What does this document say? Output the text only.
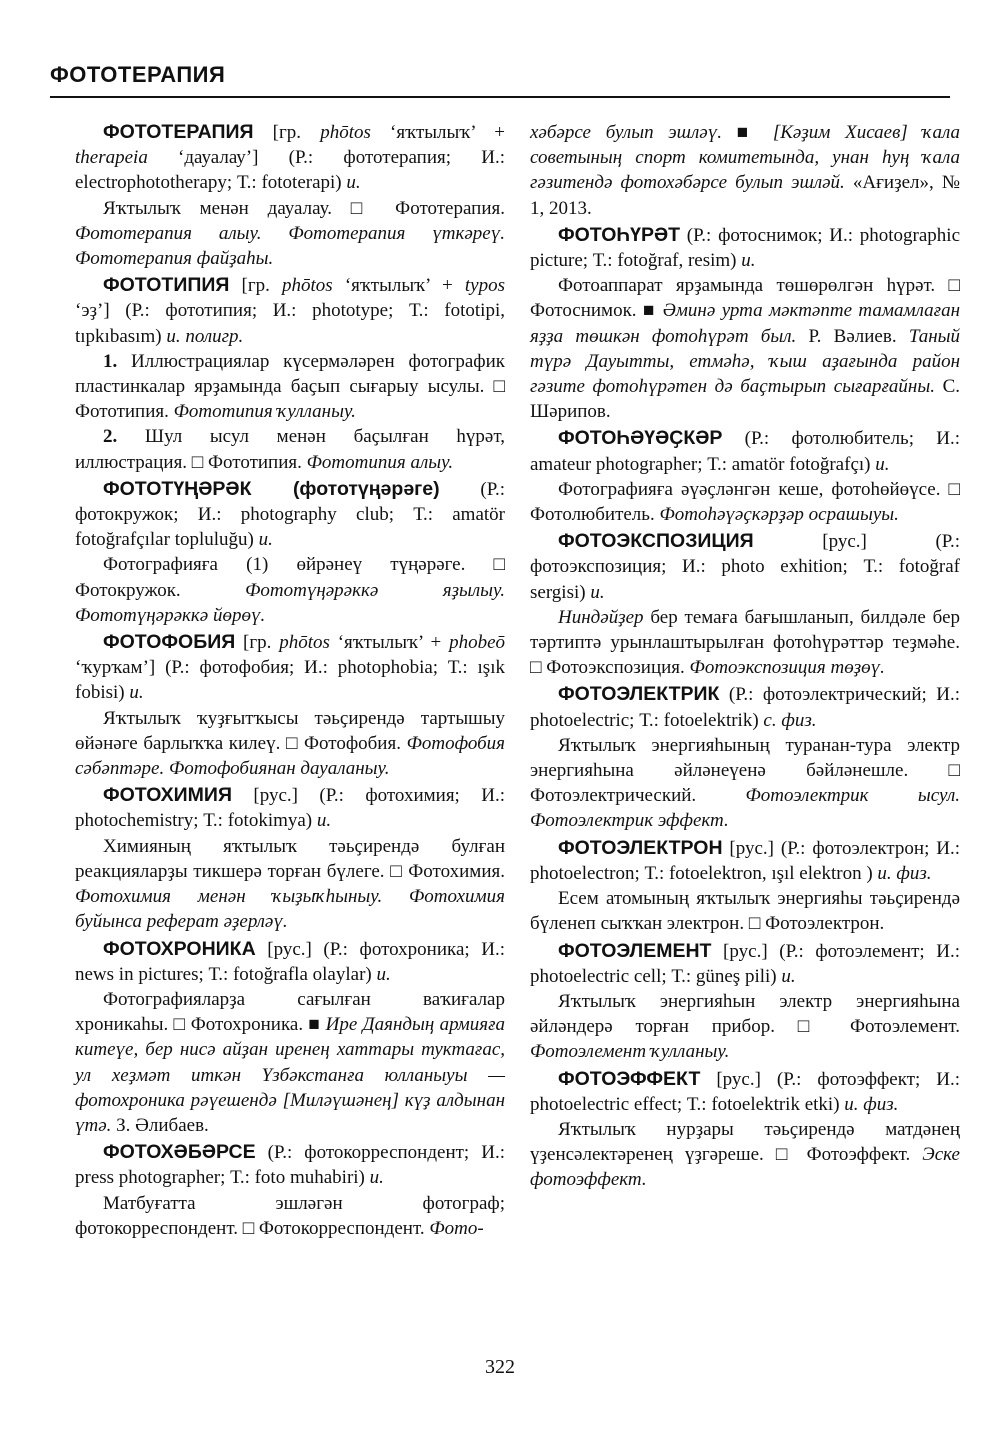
ФОТОТЕРАПИЯ

ФОТОТЕРАПИЯ [гр. phōtos ‘яҡтылыҡ’ + therapeia ‘дауалау’] (Р.: фототерапия; И.: electrophototherapy; Т.: fototerapi) и.

Яҡтылыҡ менән дауалау. □ Фототерапия. Фототерапия алыу. Фототерапия үткәреү. Фототерапия файҙаһы.

ФОТОТИПИЯ [гр. phōtos ‘яҡтылыҡ’ + typos ‘эҙ’] (Р.: фототипия; И.: phototype; Т.: fototipi, tıpkıbasım) и. полигр.

1. Иллюстрациялар күсермәләрен фотографик пластинкалар ярҙамында баҫып сығарыу ысулы. □ Фототипия. Фототипия ҡулланыу.

2. Шул ысул менән баҫылған һүрәт, иллюстрация. □ Фототипия. Фототипия алыу.

ФОТОТҮҢӘРӘК (фототүңәрәге) (Р.: фотокружок; И.: photography club; Т.: amatör fotoğrafçılar topluluğu) и.

Фотографияға (1) өйрәнеү түңәрәге. □ Фотокружок. Фототүңәрәккә яҙылыу. Фототүңәрәккә йөрөү.

ФОТОФОБИЯ [гр. phōtos ‘яҡтылыҡ’ + phobeō ‘ҡурҡам’] (Р.: фотофобия; И.: photophobia; Т.: ışık fobisi) и.

Яҡтылыҡ ҡуҙғытҡысы тәьҫирендә тартышыу өйәнәге барлыҡҡа килеү. □ Фотофобия. Фотофобия сәбәптәре. Фотофобиянан дауаланыу.

ФОТОХИМИЯ [рус.] (Р.: фотохимия; И.: photochemistry; Т.: fotokimya) и.

Химияның яҡтылыҡ тәьҫирендә булған реакцияларҙы тикшерә торған бүлеге. □ Фотохимия. Фотохимия менән ҡыҙыҡһыныу. Фотохимия буйынса реферат әҙерләү.

ФОТОХРОНИКА [рус.] (Р.: фотохроника; И.: news in pictures; Т.: fotoğrafla olaylar) и.

Фотографияларҙа сағылған ваҡиғалар хроникаһы. □ Фотохроника. ■ Ире Даяндың армияға китеүе, бер нисә айҙан иренең хаттары туктағас, ул хеҙмәт иткән Үзбәкстанға юлланыуы — фотохроника рәүешендә [Миләүшәнең] күҙ алдынан үтә. З. Әлибаев.

ФОТОХӘБӘРСЕ (Р.: фотокорреспондент; И.: press photographer; Т.: foto muhabiri) и.

Матбуғатта эшләгән фотограф; фотокорреспондент. □ Фотокорреспондент. Фото-

хәбәрсе булып эшләү. ■ [Кәҙим Хисаев] ҡала советының спорт комитетында, унан һуң ҡала гәзитендә фотохәбәрсе булып эшләй. «Ағиҙел», № 1, 2013.

ФОТОҺҮРӘТ (Р.: фотоснимок; И.: photographic picture; Т.: fotoğraf, resim) и.

Фотоаппарат ярҙамында төшөрөлгән һүрәт. □ Фотоснимок. ■ Әминә урта мәктәпте тамамлаған яҙҙа төшкән фотоһүрәт был. Р. Вәлиев. Таный түрә Дауытты, етмәһә, ҡыш аҙағында район гәзите фотоһүрәтен дә баҫтырып сығарғайны. С. Шәрипов.

ФОТОҺӘҮӘҪКӘР (Р.: фотолюбитель; И.: amateur photographer; Т.: amatör fotoğrafçı) и.

Фотографияға әүәҫләнгән кеше, фотоһөйөүсе. □ Фотолюбитель. Фотоһәүәҫкәрҙәр осрашыуы.

ФОТОЭКСПОЗИЦИЯ [рус.] (Р.: фотоэкспозиция; И.: photo exhition; Т.: fotoğraf sergisi) и.

Ниндәйҙер бер темаға бағышланып, билдәле бер тәртиптә урынлаштырылған фотоһүрәттәр теҙмәһе. □ Фотоэкспозиция. Фотоэкспозиция төҙөү.

ФОТОЭЛЕКТРИК (Р.: фотоэлектрический; И.: photoelectric; Т.: fotoelektrik) с. физ.

Яҡтылыҡ энергияһының туранан-тура электр энергияһына әйләнеүенә бәйләнешле. □ Фотоэлектрический. Фотоэлектрик ысул. Фотоэлектрик эффект.

ФОТОЭЛЕКТРОН [рус.] (Р.: фотоэлектрон; И.: photoelectron; Т.: fotoelektron, ışıl elektron ) и. физ.

Есем атомының яҡтылыҡ энергияһы тәьҫирендә бүленеп сыҡҡан электрон. □ Фотоэлектрон.

ФОТОЭЛЕМЕНТ [рус.] (Р.: фотоэлемент; И.: photoelectric cell; Т.: güneş pili) и.

Яҡтылыҡ энергияһын электр энергияһына әйләндерә торған прибор. □ Фотоэлемент. Фотоэлемент ҡулланыу.

ФОТОЭФФЕКТ [рус.] (Р.: фотоэффект; И.: photoelectric effect; Т.: fotoelektrik etki) и. физ.

Яҡтылыҡ нурҙары тәьҫирендә матдәнең үҙенсәлектәренең үҙгәреше. □ Фотоэффект. Эске фотоэффект.

322
